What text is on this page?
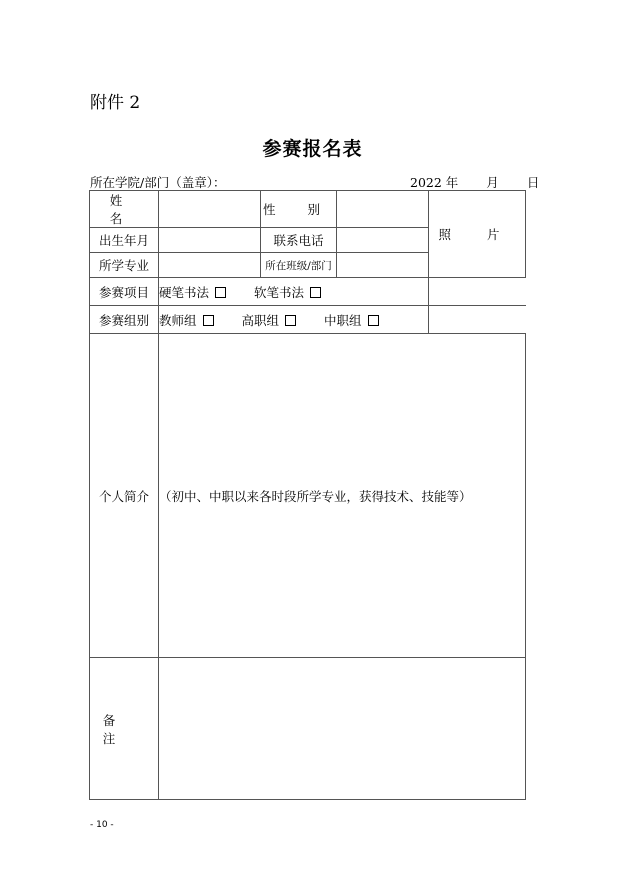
附件 2
参赛报名表
所在学院/部门（盖章）：	2022 年 月 日
姓 名		性 别		照 片
出生年月		联系电话		
所学专业		所在班级/部门		
参赛项目	硬笔书法 软笔书法			
参赛组别	教师组 高职组 中职组			
个人简介	（初中、中职以来各时段所学专业，获得技术、技能等）			
备 注				
- 10 -
